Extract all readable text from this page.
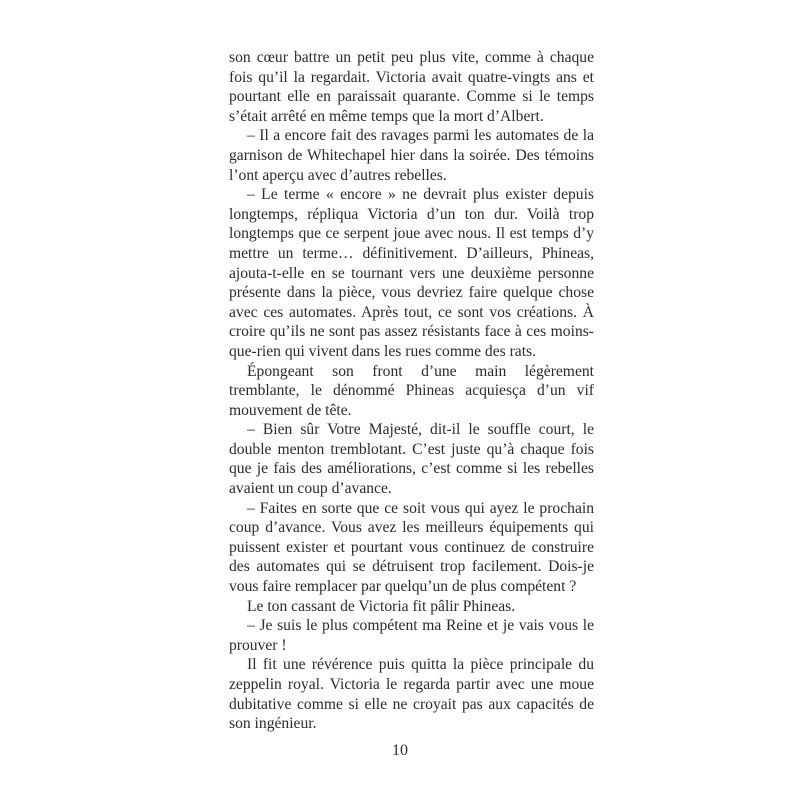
son cœur battre un petit peu plus vite, comme à chaque fois qu’il la regardait. Victoria avait quatre-vingts ans et pourtant elle en paraissait quarante. Comme si le temps s’était arrêté en même temps que la mort d’Albert.

– Il a encore fait des ravages parmi les automates de la garnison de Whitechapel hier dans la soirée. Des témoins l’ont aperçu avec d’autres rebelles.

– Le terme « encore » ne devrait plus exister depuis longtemps, répliqua Victoria d’un ton dur. Voilà trop longtemps que ce serpent joue avec nous. Il est temps d’y mettre un terme… définitivement. D’ailleurs, Phineas, ajouta-t-elle en se tournant vers une deuxième personne présente dans la pièce, vous devriez faire quelque chose avec ces automates. Après tout, ce sont vos créations. À croire qu’ils ne sont pas assez résistants face à ces moins-que-rien qui vivent dans les rues comme des rats.

Épongeant son front d’une main légèrement tremblante, le dénommé Phineas acquiesça d’un vif mouvement de tête.

– Bien sûr Votre Majesté, dit-il le souffle court, le double menton tremblotant. C’est juste qu’à chaque fois que je fais des améliorations, c’est comme si les rebelles avaient un coup d’avance.

– Faites en sorte que ce soit vous qui ayez le prochain coup d’avance. Vous avez les meilleurs équipements qui puissent exister et pourtant vous continuez de construire des automates qui se détruisent trop facilement. Dois-je vous faire remplacer par quelqu’un de plus compétent ?

Le ton cassant de Victoria fit pâlir Phineas.

– Je suis le plus compétent ma Reine et je vais vous le prouver !

Il fit une révérence puis quitta la pièce principale du zeppelin royal. Victoria le regarda partir avec une moue dubitative comme si elle ne croyait pas aux capacités de son ingénieur.

10
